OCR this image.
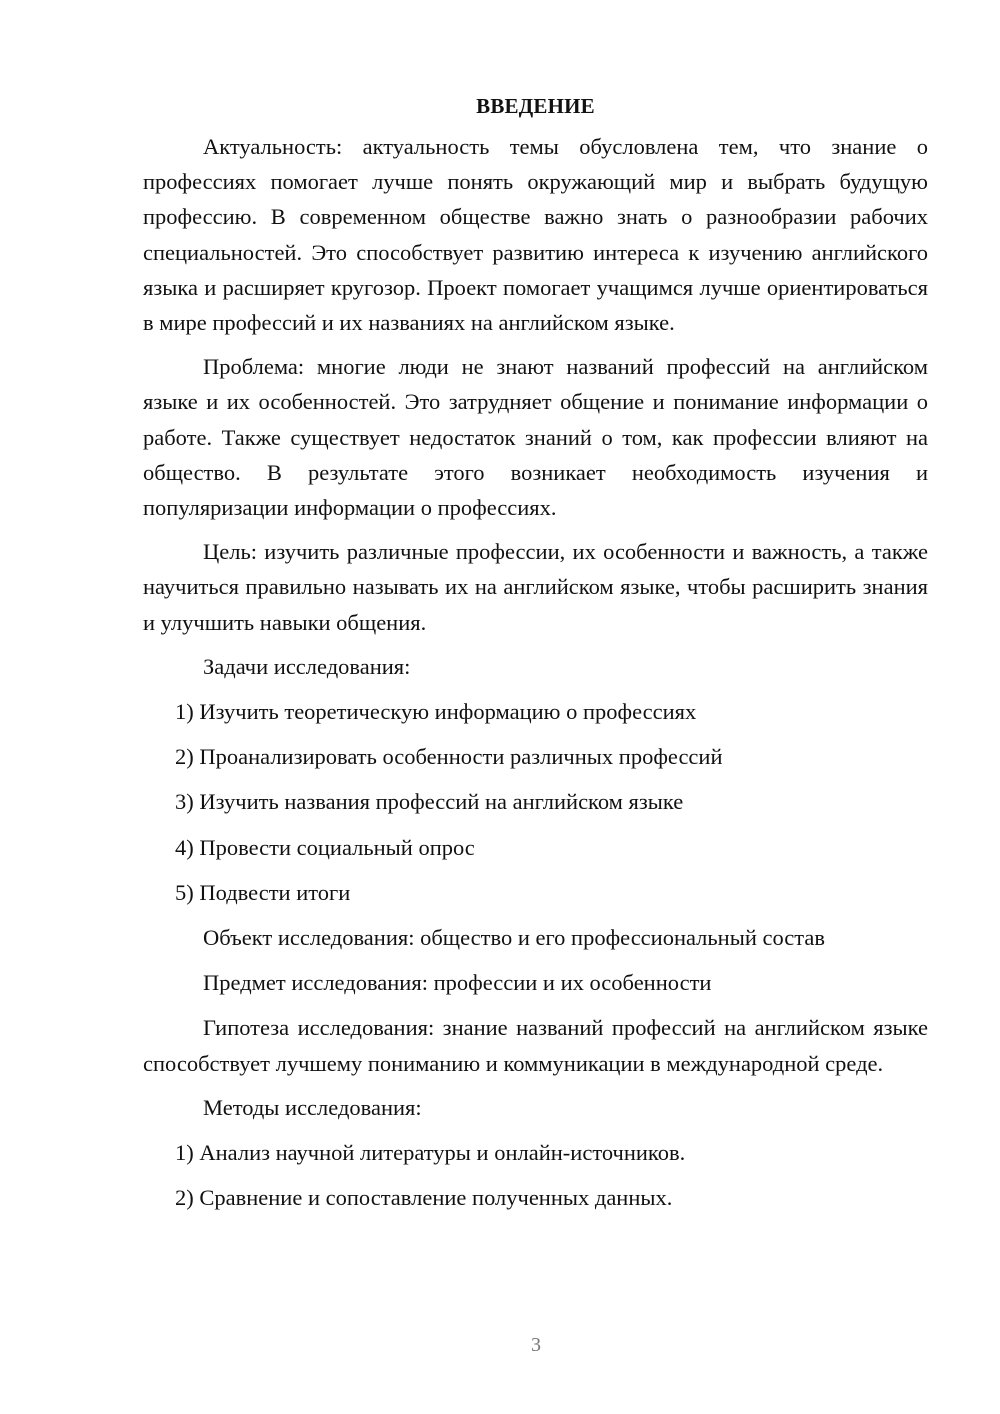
ВВЕДЕНИЕ

Актуальность: актуальность темы обусловлена тем, что знание о профессиях помогает лучше понять окружающий мир и выбрать будущую профессию. В современном обществе важно знать о разнообразии рабочих специальностей. Это способствует развитию интереса к изучению английского языка и расширяет кругозор. Проект помогает учащимся лучше ориентироваться в мире профессий и их названиях на английском языке.

Проблема: многие люди не знают названий профессий на английском языке и их особенностей. Это затрудняет общение и понимание информации о работе. Также существует недостаток знаний о том, как профессии влияют на общество. В результате этого возникает необходимость изучения и популяризации информации о профессиях.

Цель: изучить различные профессии, их особенности и важность, а также научиться правильно называть их на английском языке, чтобы расширить знания и улучшить навыки общения.

Задачи исследования:
1) Изучить теоретическую информацию о профессиях
2) Проанализировать особенности различных профессий
3) Изучить названия профессий на английском языке
4) Провести социальный опрос
5) Подвести итоги
Объект исследования: общество и его профессиональный состав
Предмет исследования: профессии и их особенности

Гипотеза исследования: знание названий профессий на английском языке способствует лучшему пониманию и коммуникации в международной среде.

Методы исследования:
1) Анализ научной литературы и онлайн-источников.
2) Сравнение и сопоставление полученных данных.
3
